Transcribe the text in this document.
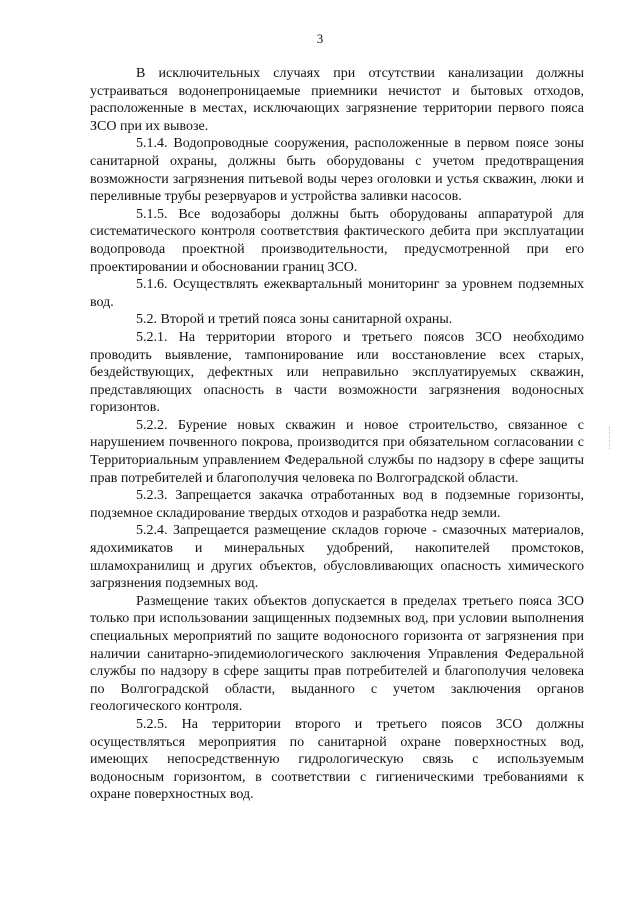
3

В исключительных случаях при отсутствии канализации должны устраиваться водонепроницаемые приемники нечистот и бытовых отходов, расположенные в местах, исключающих загрязнение территории первого пояса ЗСО при их вывозе.

5.1.4. Водопроводные сооружения, расположенные в первом поясе зоны санитарной охраны, должны быть оборудованы с учетом предотвращения возможности загрязнения питьевой воды через оголовки и устья скважин, люки и переливные трубы резервуаров и устройства заливки насосов.

5.1.5. Все водозаборы должны быть оборудованы аппаратурой для систематического контроля соответствия фактического дебита при эксплуатации водопровода проектной производительности, предусмотренной при его проектировании и обосновании границ ЗСО.

5.1.6. Осуществлять ежеквартальный мониторинг за уровнем подземных вод.

5.2. Второй и третий пояса зоны санитарной охраны.

5.2.1. На территории второго и третьего поясов ЗСО необходимо проводить выявление, тампонирование или восстановление всех старых, бездействующих, дефектных или неправильно эксплуатируемых скважин, представляющих опасность в части возможности загрязнения водоносных горизонтов.

5.2.2. Бурение новых скважин и новое строительство, связанное с нарушением почвенного покрова, производится при обязательном согласовании с Территориальным управлением Федеральной службы по надзору в сфере защиты прав потребителей и благополучия человека по Волгоградской области.

5.2.3. Запрещается закачка отработанных вод в подземные горизонты, подземное складирование твердых отходов и разработка недр земли.

5.2.4. Запрещается размещение складов горюче - смазочных материалов, ядохимикатов и минеральных удобрений, накопителей промстоков, шламохранилищ и других объектов, обусловливающих опасность химического загрязнения подземных вод.

Размещение таких объектов допускается в пределах третьего пояса ЗСО только при использовании защищенных подземных вод, при условии выполнения специальных мероприятий по защите водоносного горизонта от загрязнения при наличии санитарно-эпидемиологического заключения Управления Федеральной службы по надзору в сфере защиты прав потребителей и благополучия человека по Волгоградской области, выданного с учетом заключения органов геологического контроля.

5.2.5. На территории второго и третьего поясов ЗСО должны осуществляться мероприятия по санитарной охране поверхностных вод, имеющих непосредственную гидрологическую связь с используемым водоносным горизонтом, в соответствии с гигиеническими требованиями к охране поверхностных вод.
